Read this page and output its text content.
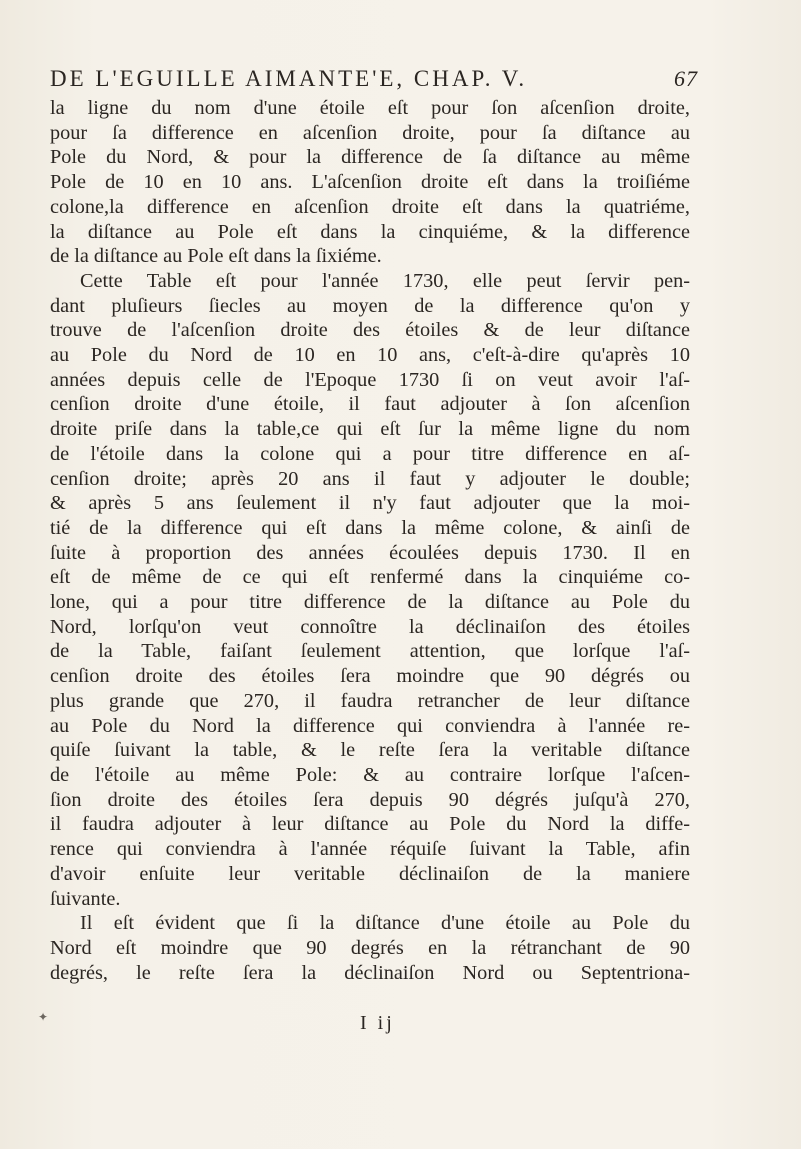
DE L'EGUILLE AIMANTE'E, CHAP. V.	67
la ligne du nom d'une étoile eſt pour ſon aſcenſion droite,
pour ſa difference en aſcenſion droite, pour ſa diſtance au
Pole du Nord, & pour la difference de ſa diſtance au même
Pole de 10 en 10 ans. L'aſcenſion droite eſt dans la troiſiéme
colone,la difference en aſcenſion droite eſt dans la quatriéme,
la diſtance au Pole eſt dans la cinquiéme, & la difference
de la diſtance au Pole eſt dans la ſixiéme.
Cette Table eſt pour l'année 1730, elle peut ſervir pen-
dant pluſieurs ſiecles au moyen de la difference qu'on y
trouve de l'aſcenſion droite des étoiles & de leur diſtance
au Pole du Nord de 10 en 10 ans, c'eſt-à-dire qu'après 10
années depuis celle de l'Epoque 1730 ſi on veut avoir l'aſ-
cenſion droite d'une étoile, il faut adjouter à ſon aſcenſion
droite priſe dans la table,ce qui eſt ſur la même ligne du nom
de l'étoile dans la colone qui a pour titre difference en aſ-
cenſion droite; après 20 ans il faut y adjouter le double;
& après 5 ans ſeulement il n'y faut adjouter que la moi-
tié de la difference qui eſt dans la même colone, & ainſi de
ſuite à proportion des années écoulées depuis 1730. Il en
eſt de même de ce qui eſt renfermé dans la cinquiéme co-
lone, qui a pour titre difference de la diſtance au Pole du
Nord, lorſqu'on veut connoître la déclinaiſon des étoiles
de la Table, faiſant ſeulement attention, que lorſque l'aſ-
cenſion droite des étoiles ſera moindre que 90 dégrés ou
plus grande que 270, il faudra retrancher de leur diſtance
au Pole du Nord la difference qui conviendra à l'année re-
quiſe ſuivant la table, & le reſte ſera la veritable diſtance
de l'étoile au même Pole: & au contraire lorſque l'aſcen-
ſion droite des étoiles ſera depuis 90 dégrés juſqu'à 270,
il faudra adjouter à leur diſtance au Pole du Nord la diffe-
rence qui conviendra à l'année réquiſe ſuivant la Table, afin
d'avoir enſuite leur veritable déclinaiſon de la maniere
ſuivante.
Il eſt évident que ſi la diſtance d'une étoile au Pole du
Nord eſt moindre que 90 degrés en la rétranchant de 90
degrés, le reſte ſera la déclinaiſon Nord ou Septentriona-
I ij
✦
